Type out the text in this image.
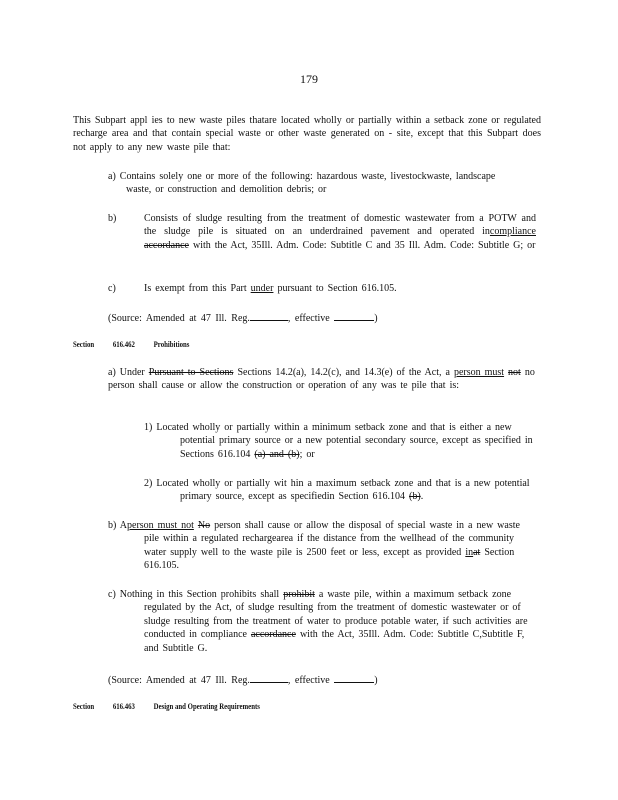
179
This Subpart appl ies to new waste piles thatare located wholly or partially within a setback zone or regulated recharge area and that contain special waste or other waste generated on - site, except that this Subpart does not apply to any new waste pile that:
a) Contains solely one or more of the following: hazardous waste, livestockwaste, landscape waste, or construction and demolition debris; or
b)	Consists of sludge resulting from the treatment of domestic wastewater from a POTW and the sludge pile is situated on an underdrained pavement and operated incompliance accordance with the Act, 35Ill. Adm. Code: Subtitle C and 35 Ill. Adm. Code: Subtitle G; or
c)	Is exempt from this Part under pursuant to Section 616.105.
(Source: Amended at 47 Ill. Reg.	, effective	)
Section 616.462 Prohibitions
a) Under Pursuant to Sections Sections 14.2(a), 14.2(c), and 14.3(e) of the Act, a person must not no person shall cause or allow the construction or operation of any was te pile that is:
1) Located wholly or partially within a minimum setback zone and that is either a new potential primary source or a new potential secondary source, except as specified in Sections 616.104 (a) and (b); or
2) Located wholly or partially wit hin a maximum setback zone and that is a new potential primary source, except as specifiedin Section 616.104 (b).
b) Aperson must not No person shall cause or allow the disposal of special waste in a new waste pile within a regulated rechargearea if the distance from the wellhead of the community water supply well to the waste pile is 2500 feet or less, except as provided inat Section 616.105.
c) Nothing in this Section prohibits shall prohibit a waste pile, within a maximum setback zone regulated by the Act, of sludge resulting from the treatment of domestic wastewater or of sludge resulting from the treatment of water to produce potable water, if such activities are conducted in compliance accordance with the Act, 35Ill. Adm. Code: Subtitle C,Subtitle F, and Subtitle G.
(Source: Amended at 47 Ill. Reg.	, effective	)
Section 616.463 Design and Operating Requirements
